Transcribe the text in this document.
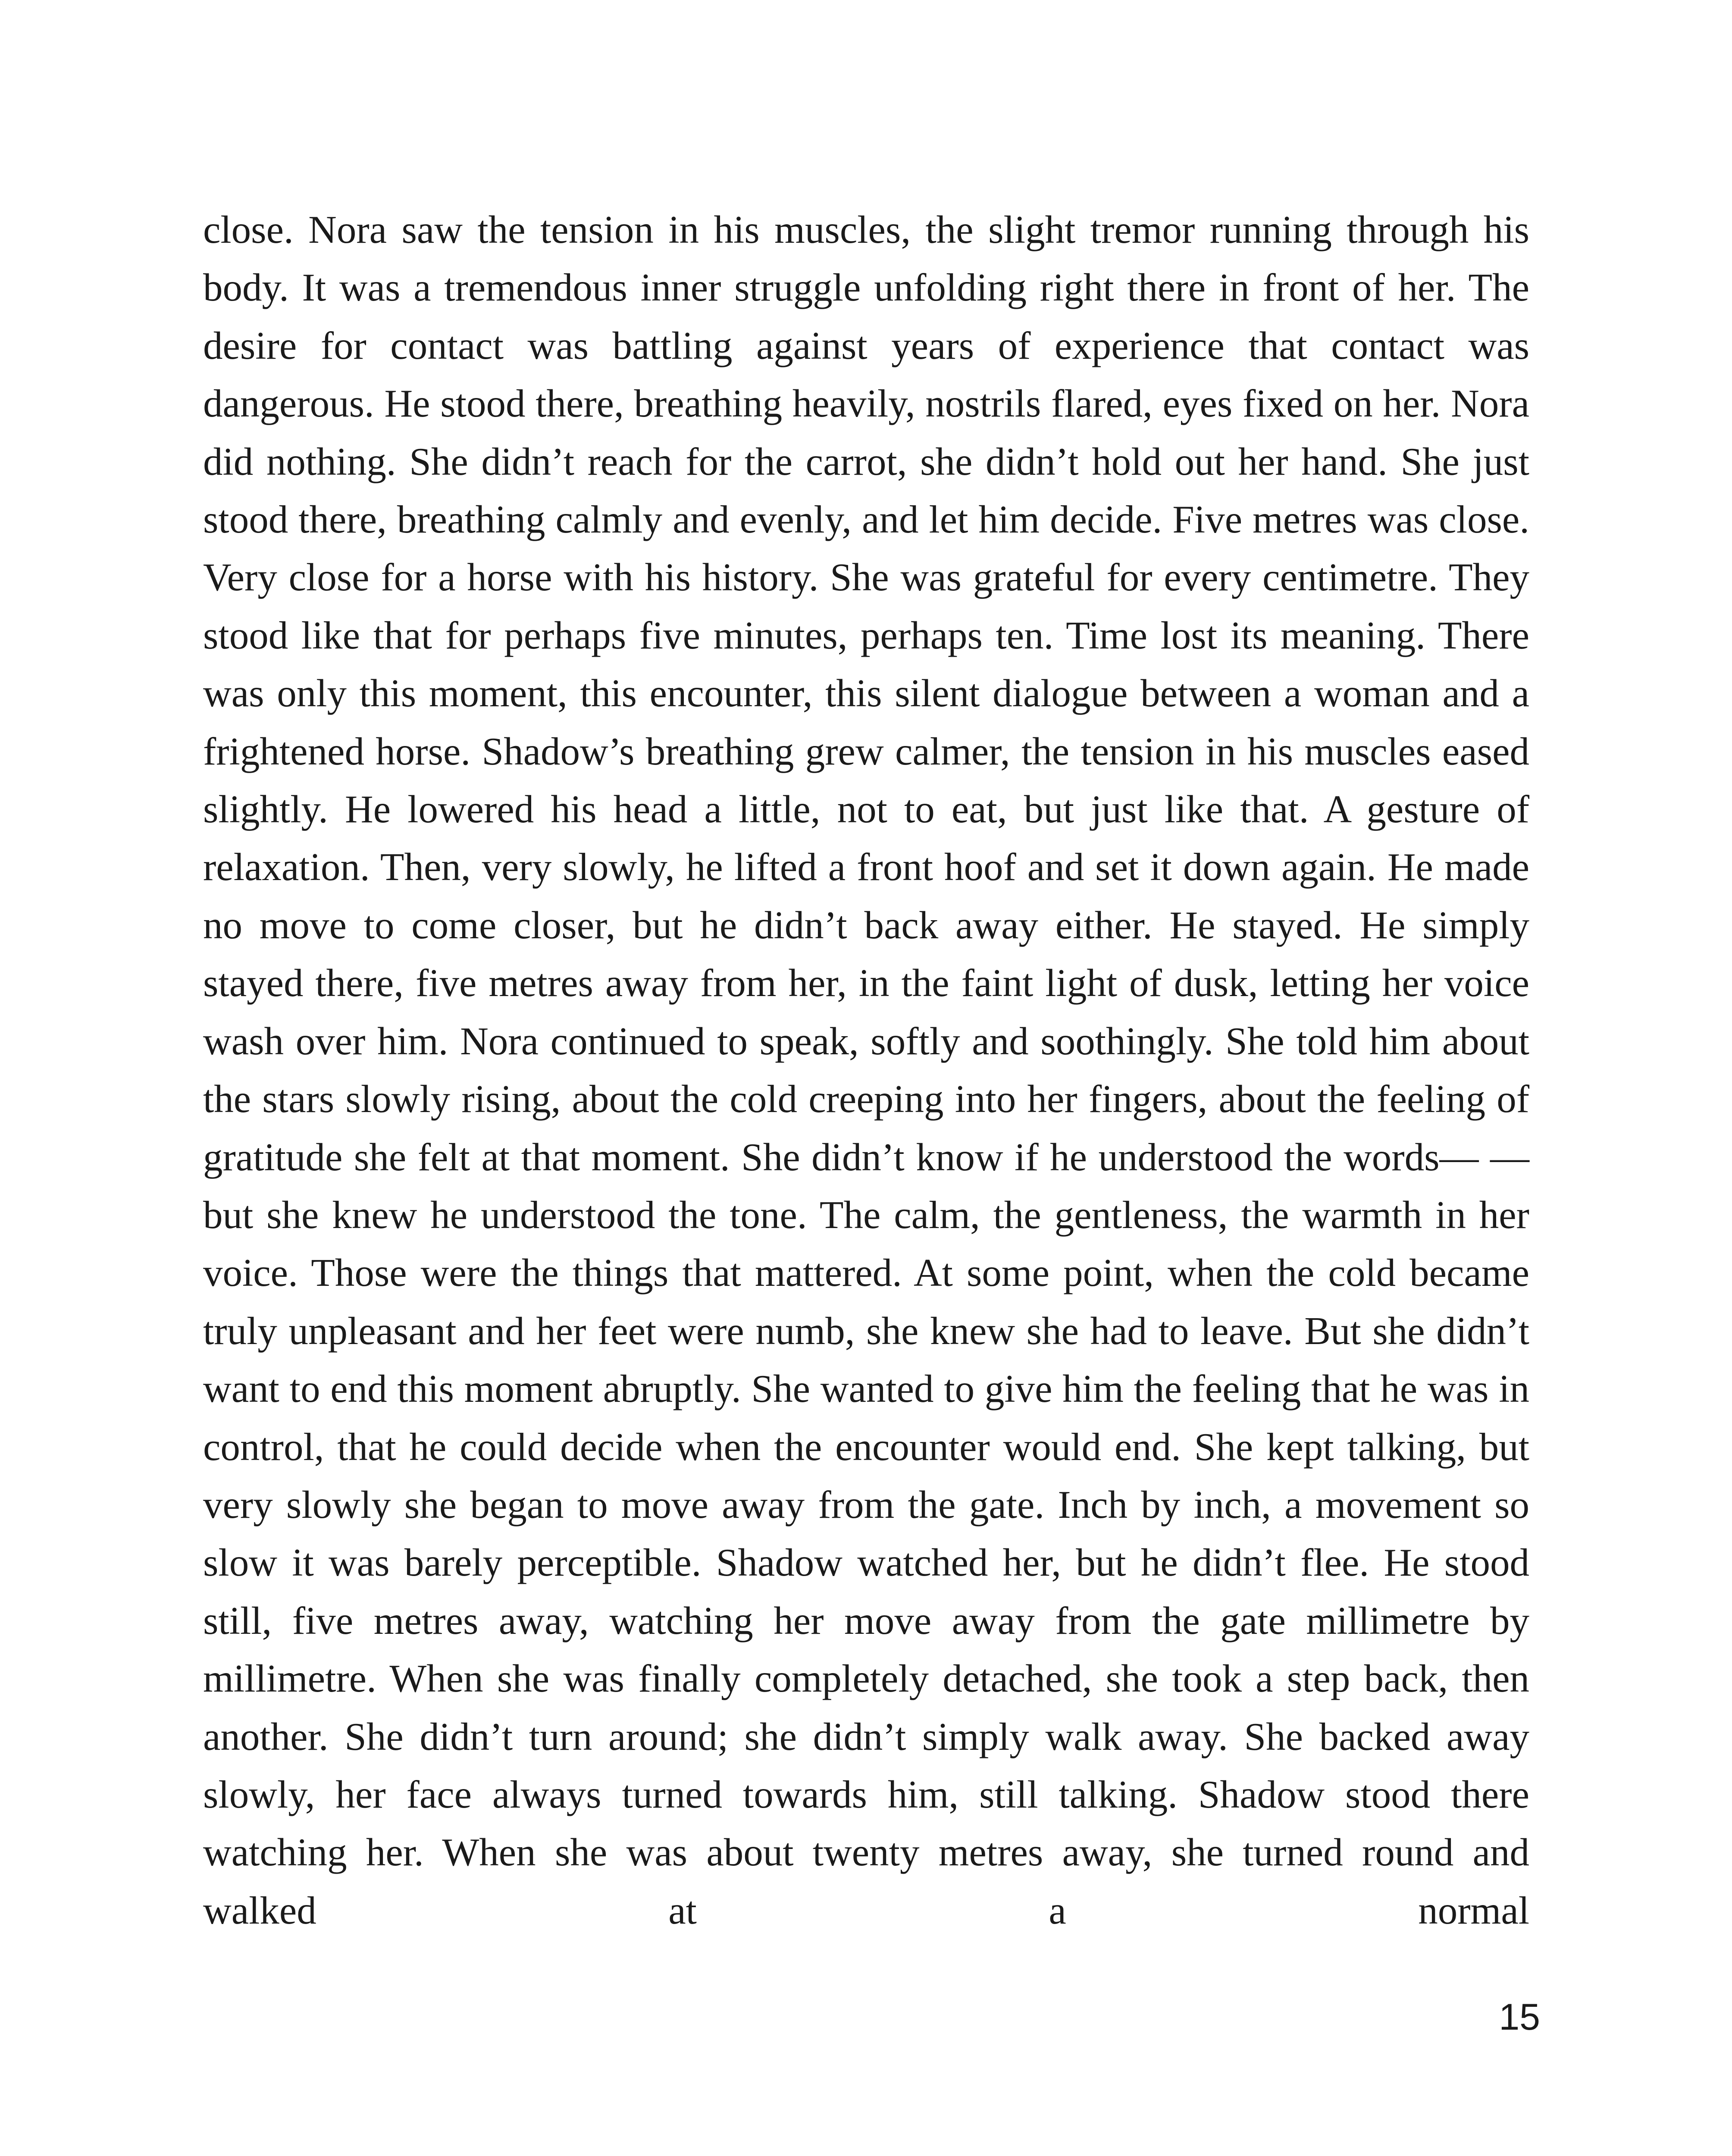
close. Nora saw the tension in his muscles, the slight tremor running through his body. It was a tremendous inner struggle unfolding right there in front of her. The desire for contact was battling against years of experience that contact was dangerous. He stood there, breathing heavily, nostrils flared, eyes fixed on her. Nora did nothing. She didn’t reach for the carrot, she didn’t hold out her hand. She just stood there, breathing calmly and evenly, and let him decide. Five metres was close. Very close for a horse with his history. She was grateful for every centimetre. They stood like that for perhaps five minutes, perhaps ten. Time lost its meaning. There was only this moment, this encounter, this silent dialogue between a woman and a frightened horse. Shadow’s breathing grew calmer, the tension in his muscles eased slightly. He lowered his head a little, not to eat, but just like that. A gesture of relaxation. Then, very slowly, he lifted a front hoof and set it down again. He made no move to come closer, but he didn’t back away either. He stayed. He simply stayed there, five metres away from her, in the faint light of dusk, letting her voice wash over him. Nora continued to speak, softly and soothingly. She told him about the stars slowly rising, about the cold creeping into her fingers, about the feeling of gratitude she felt at that moment. She didn’t know if he understood the words— —but she knew he understood the tone. The calm, the gentleness, the warmth in her voice. Those were the things that mattered. At some point, when the cold became truly unpleasant and her feet were numb, she knew she had to leave. But she didn’t want to end this moment abruptly. She wanted to give him the feeling that he was in control, that he could decide when the encounter would end. She kept talking, but very slowly she began to move away from the gate. Inch by inch, a movement so slow it was barely perceptible. Shadow watched her, but he didn’t flee. He stood still, five metres away, watching her move away from the gate millimetre by millimetre. When she was finally completely detached, she took a step back, then another. She didn’t turn around; she didn’t simply walk away. She backed away slowly, her face always turned towards him, still talking. Shadow stood there watching her. When she was about twenty metres away, she turned round and walked at a normal

15
